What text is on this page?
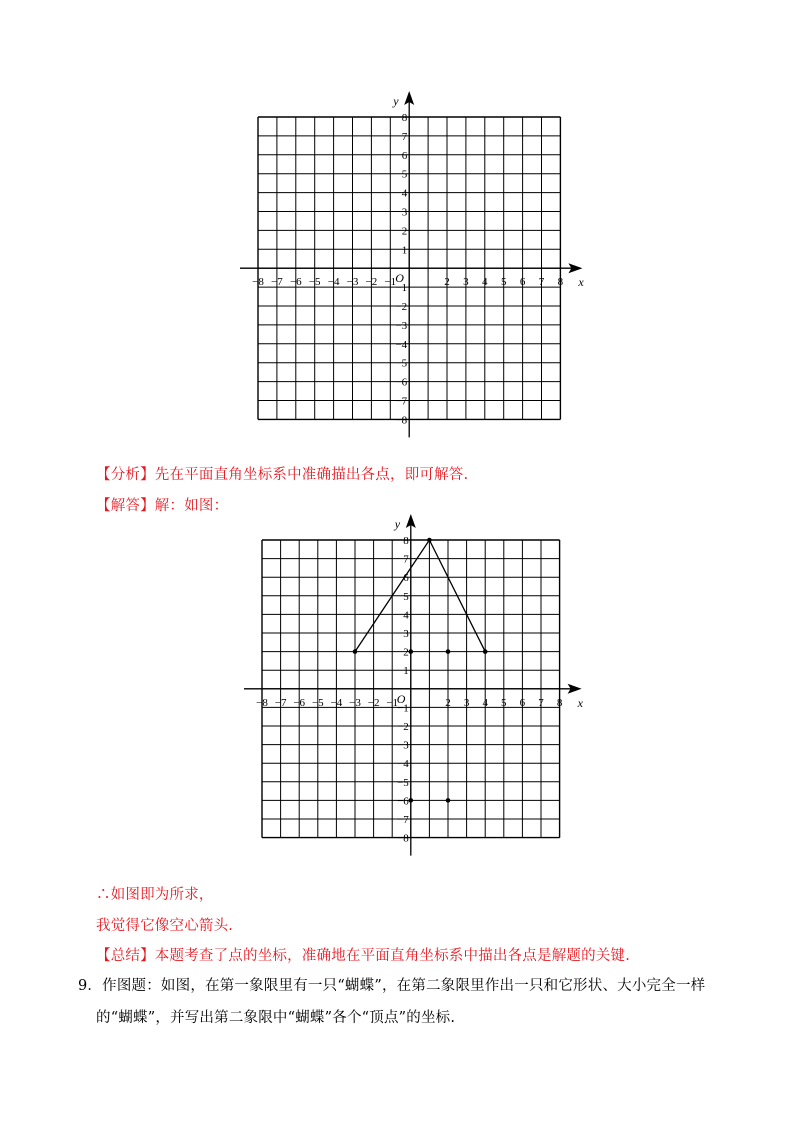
−8 −7 −6 −5 −4 −3 −2 −1	2 3 4 5 6 7 8
8
7
6
5
4
3
2
1
−1
−2
−3
−4
−5
−6
−7
−8
x
y
O
−8 −7 −6 −5 −4 −3 −2 −1	2 3 4 5 6 7 8
8
7
6
5
4
3
2
1
−1
−2
−3
−4
−5
−6
−7
−8
x
y
O
【分析】先在平面直角坐标系中准确描出各点，即可解答.
【解答】解：如图：
∴如图即为所求，
我觉得它像空心箭头.
【总结】本题考查了点的坐标，准确地在平面直角坐标系中描出各点是解题的关键.
9．作图题：如图，在第一象限里有一只“蝴蝶”，在第二象限里作出一只和它形状、大小完全一样
的“蝴蝶”，并写出第二象限中“蝴蝶”各个“顶点”的坐标.
